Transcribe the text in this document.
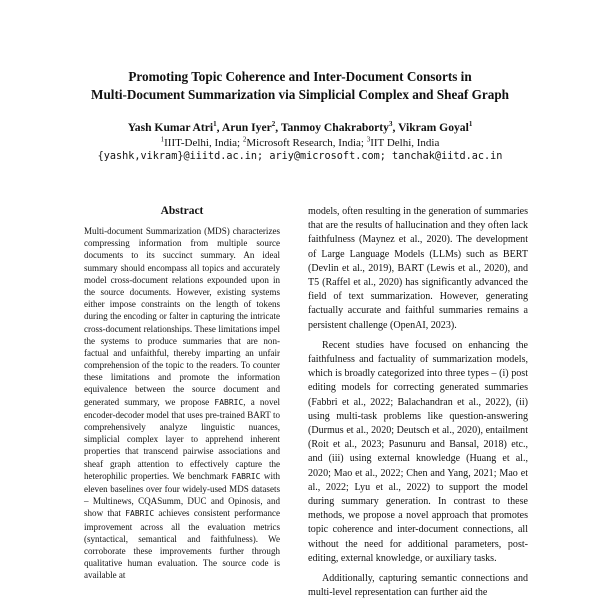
Promoting Topic Coherence and Inter-Document Consorts in
Multi-Document Summarization via Simplicial Complex and Sheaf Graph
Yash Kumar Atri$^1$, Arun Iyer$^2$, Tanmoy Chakraborty$^3$, Vikram Goyal$^1$
$^1$IIIT-Delhi, India; $^2$Microsoft Research, India; $^3$IIT Delhi, India
{yashk,vikram}@iiitd.ac.in; ariy@microsoft.com; tanchak@iitd.ac.in
Abstract

Multi-document Summarization (MDS) characterizes compressing information from multiple source documents to its succinct summary. An ideal summary should encompass all topics and accurately model cross-document relations expounded upon in the source documents. However, existing systems either impose constraints on the length of tokens during the encoding or falter in capturing the intricate cross-document relationships. These limitations impel the systems to produce summaries that are non-factual and unfaithful, thereby imparting an unfair comprehension of the topic to the readers. To counter these limitations and promote the information equivalence between the source document and generated summary, we propose FABRIC, a novel encoder-decoder model that uses pre-trained BART to comprehensively analyze linguistic nuances, simplicial complex layer to apprehend inherent properties that transcend pairwise associations and sheaf graph attention to effectively capture the heterophilic properties. We benchmark FABRIC with eleven baselines over four widely-used MDS datasets – Multinews, CQASumm, DUC and Opinosis, and show that FABRIC achieves consistent performance improvement across all the evaluation metrics (syntactical, semantical and faithfulness). We corroborate these improvements further through qualitative human evaluation. The source code is available at

models, often resulting in the generation of summaries that are the results of hallucination and they often lack faithfulness (Maynez et al., 2020). The development of Large Language Models (LLMs) such as BERT (Devlin et al., 2019), BART (Lewis et al., 2020), and T5 (Raffel et al., 2020) has significantly advanced the field of text summarization. However, generating factually accurate and faithful summaries remains a persistent challenge (OpenAI, 2023).

Recent studies have focused on enhancing the faithfulness and factuality of summarization models, which is broadly categorized into three types – (i) post editing models for correcting generated summaries (Fabbri et al., 2022; Balachandran et al., 2022), (ii) using multi-task problems like question-answering (Durmus et al., 2020; Deutsch et al., 2020), entailment (Roit et al., 2023; Pasunuru and Bansal, 2018) etc., and (iii) using external knowledge (Huang et al., 2020; Mao et al., 2022; Chen and Yang, 2021; Mao et al., 2022; Lyu et al., 2022) to support the model during summary generation. In contrast to these methods, we propose a novel approach that promotes topic coherence and inter-document connections, all without the need for additional parameters, post-editing, external knowledge, or auxiliary tasks.

Additionally, capturing semantic connections and multi-level representation can further aid the
